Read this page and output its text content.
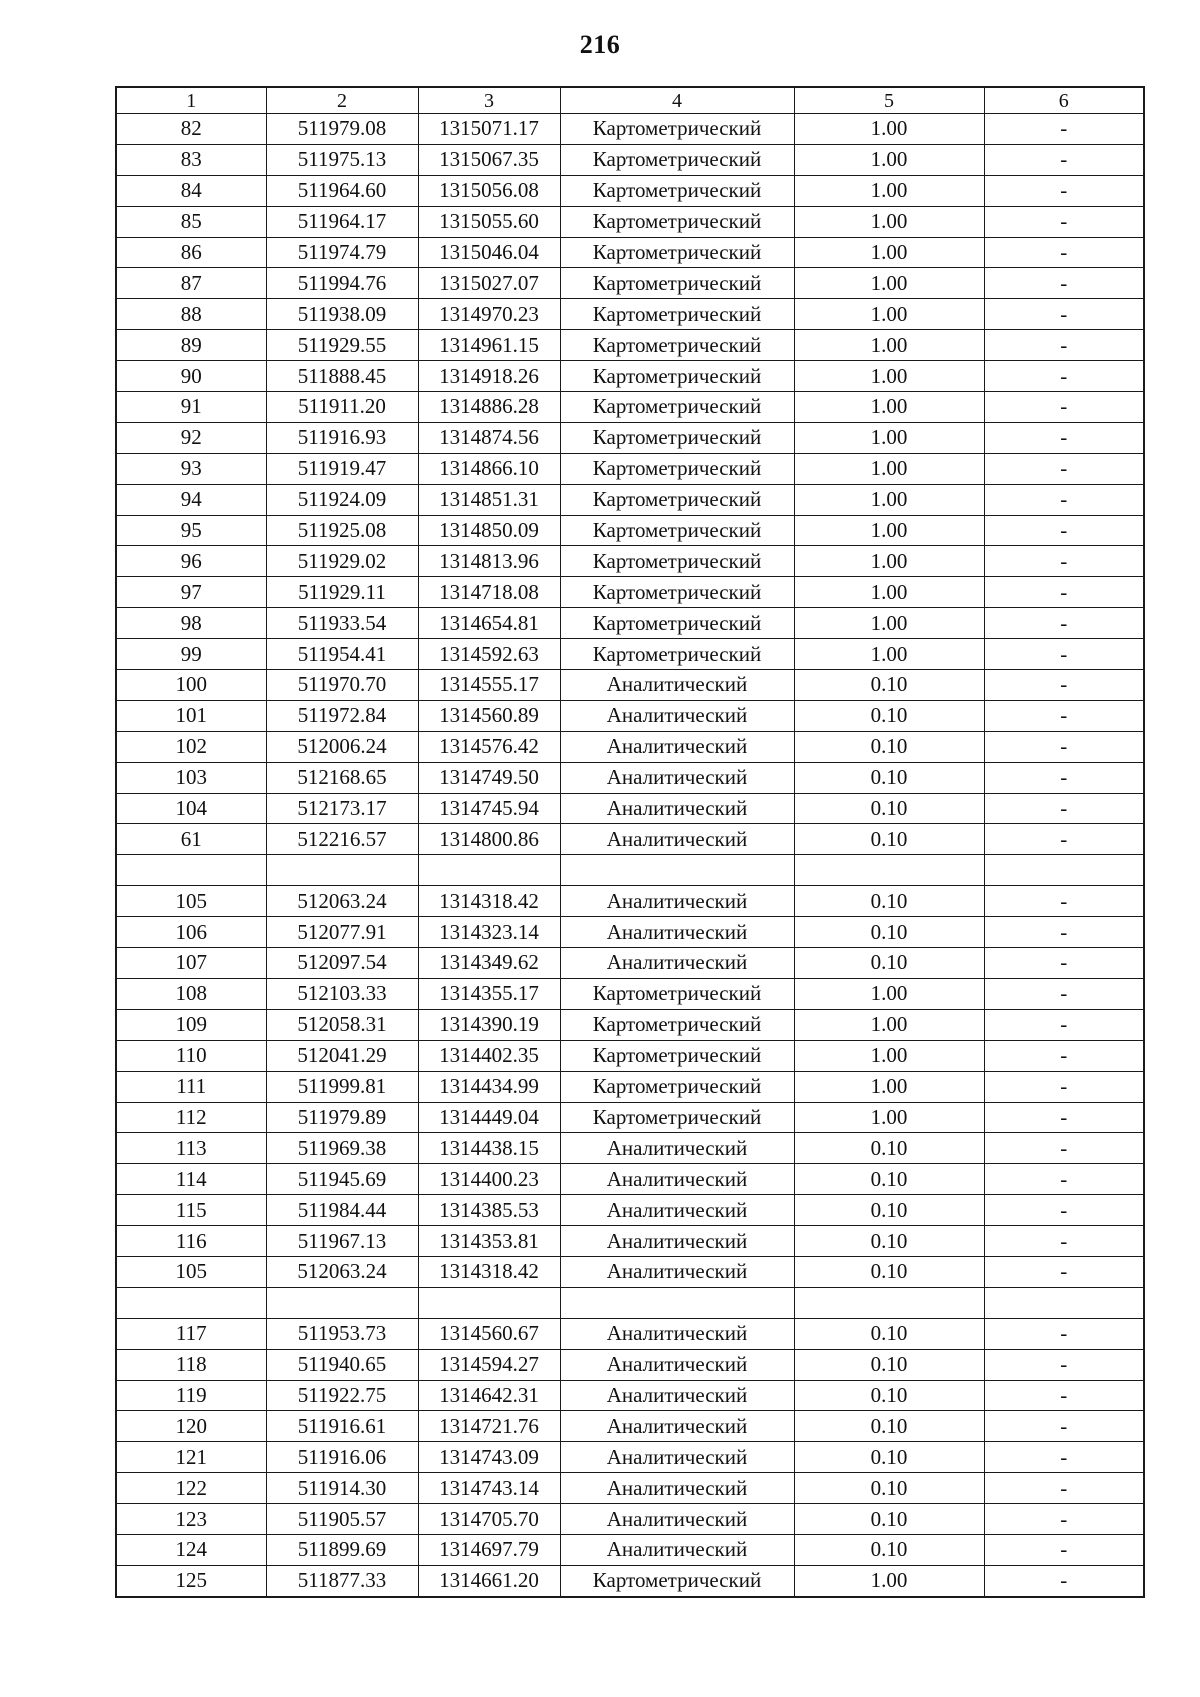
216
1	2	3	4	5	6
82	511979.08	1315071.17	Картометрический	1.00	-
83	511975.13	1315067.35	Картометрический	1.00	-
84	511964.60	1315056.08	Картометрический	1.00	-
85	511964.17	1315055.60	Картометрический	1.00	-
86	511974.79	1315046.04	Картометрический	1.00	-
87	511994.76	1315027.07	Картометрический	1.00	-
88	511938.09	1314970.23	Картометрический	1.00	-
89	511929.55	1314961.15	Картометрический	1.00	-
90	511888.45	1314918.26	Картометрический	1.00	-
91	511911.20	1314886.28	Картометрический	1.00	-
92	511916.93	1314874.56	Картометрический	1.00	-
93	511919.47	1314866.10	Картометрический	1.00	-
94	511924.09	1314851.31	Картометрический	1.00	-
95	511925.08	1314850.09	Картометрический	1.00	-
96	511929.02	1314813.96	Картометрический	1.00	-
97	511929.11	1314718.08	Картометрический	1.00	-
98	511933.54	1314654.81	Картометрический	1.00	-
99	511954.41	1314592.63	Картометрический	1.00	-
100	511970.70	1314555.17	Аналитический	0.10	-
101	511972.84	1314560.89	Аналитический	0.10	-
102	512006.24	1314576.42	Аналитический	0.10	-
103	512168.65	1314749.50	Аналитический	0.10	-
104	512173.17	1314745.94	Аналитический	0.10	-
61	512216.57	1314800.86	Аналитический	0.10	-

105	512063.24	1314318.42	Аналитический	0.10	-
106	512077.91	1314323.14	Аналитический	0.10	-
107	512097.54	1314349.62	Аналитический	0.10	-
108	512103.33	1314355.17	Картометрический	1.00	-
109	512058.31	1314390.19	Картометрический	1.00	-
110	512041.29	1314402.35	Картометрический	1.00	-
111	511999.81	1314434.99	Картометрический	1.00	-
112	511979.89	1314449.04	Картометрический	1.00	-
113	511969.38	1314438.15	Аналитический	0.10	-
114	511945.69	1314400.23	Аналитический	0.10	-
115	511984.44	1314385.53	Аналитический	0.10	-
116	511967.13	1314353.81	Аналитический	0.10	-
105	512063.24	1314318.42	Аналитический	0.10	-

117	511953.73	1314560.67	Аналитический	0.10	-
118	511940.65	1314594.27	Аналитический	0.10	-
119	511922.75	1314642.31	Аналитический	0.10	-
120	511916.61	1314721.76	Аналитический	0.10	-
121	511916.06	1314743.09	Аналитический	0.10	-
122	511914.30	1314743.14	Аналитический	0.10	-
123	511905.57	1314705.70	Аналитический	0.10	-
124	511899.69	1314697.79	Аналитический	0.10	-
125	511877.33	1314661.20	Картометрический	1.00	-
